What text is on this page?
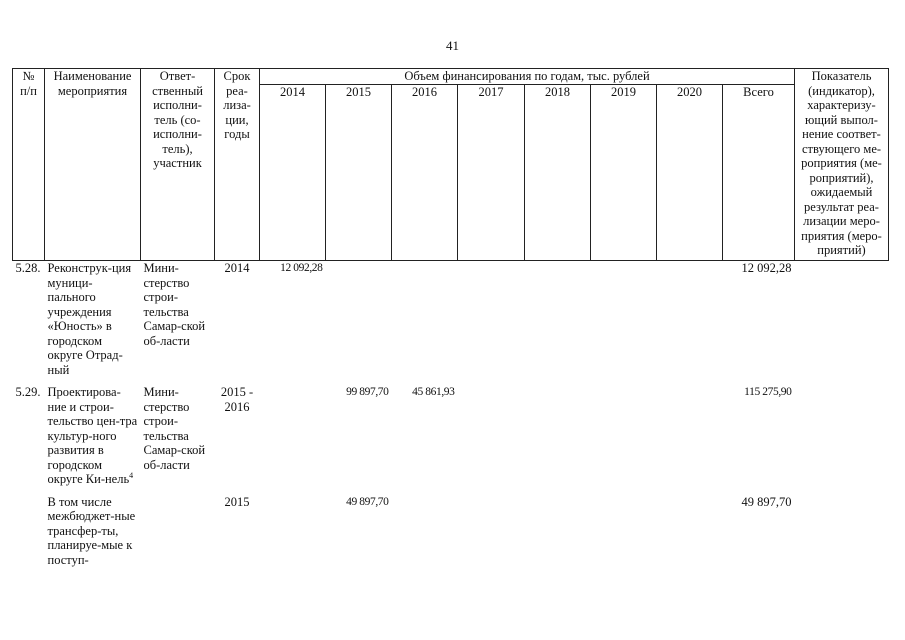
41
№ п/п	Наименование мероприятия	Ответ-ственный исполни-тель (со-исполни-тель), участник	Срок реа-лиза-ции, годы	Объем финансирования по годам, тыс. рублей								Показатель (индикатор), характеризу-ющий выпол-нение соответ-ствующего ме-роприятия (ме-роприятий), ожидаемый результат реа-лизации меро-приятия (меро-приятий)
				2014	2015	2016	2017	2018	2019	2020	Всего	
5.28.	Реконструк-ция муници-пального учреждения «Юность» в городском округе Отрад-ный	Мини-стерство строи-тельства Самар-ской об-ласти	2014	12 092,28							12 092,28	
5.29.	Проектирова-ние и строи-тельство цен-тра культур-ного развития в городском округе Ки-нель$^4$	Мини-стерство строи-тельства Самар-ской об-ласти	2015 - 2016		99 897,70	45 861,93					115 275,90	
	В том числе межбюджет-ные трансфер-ты, планируе-мые к поступ-		2015		49 897,70						49 897,70	
